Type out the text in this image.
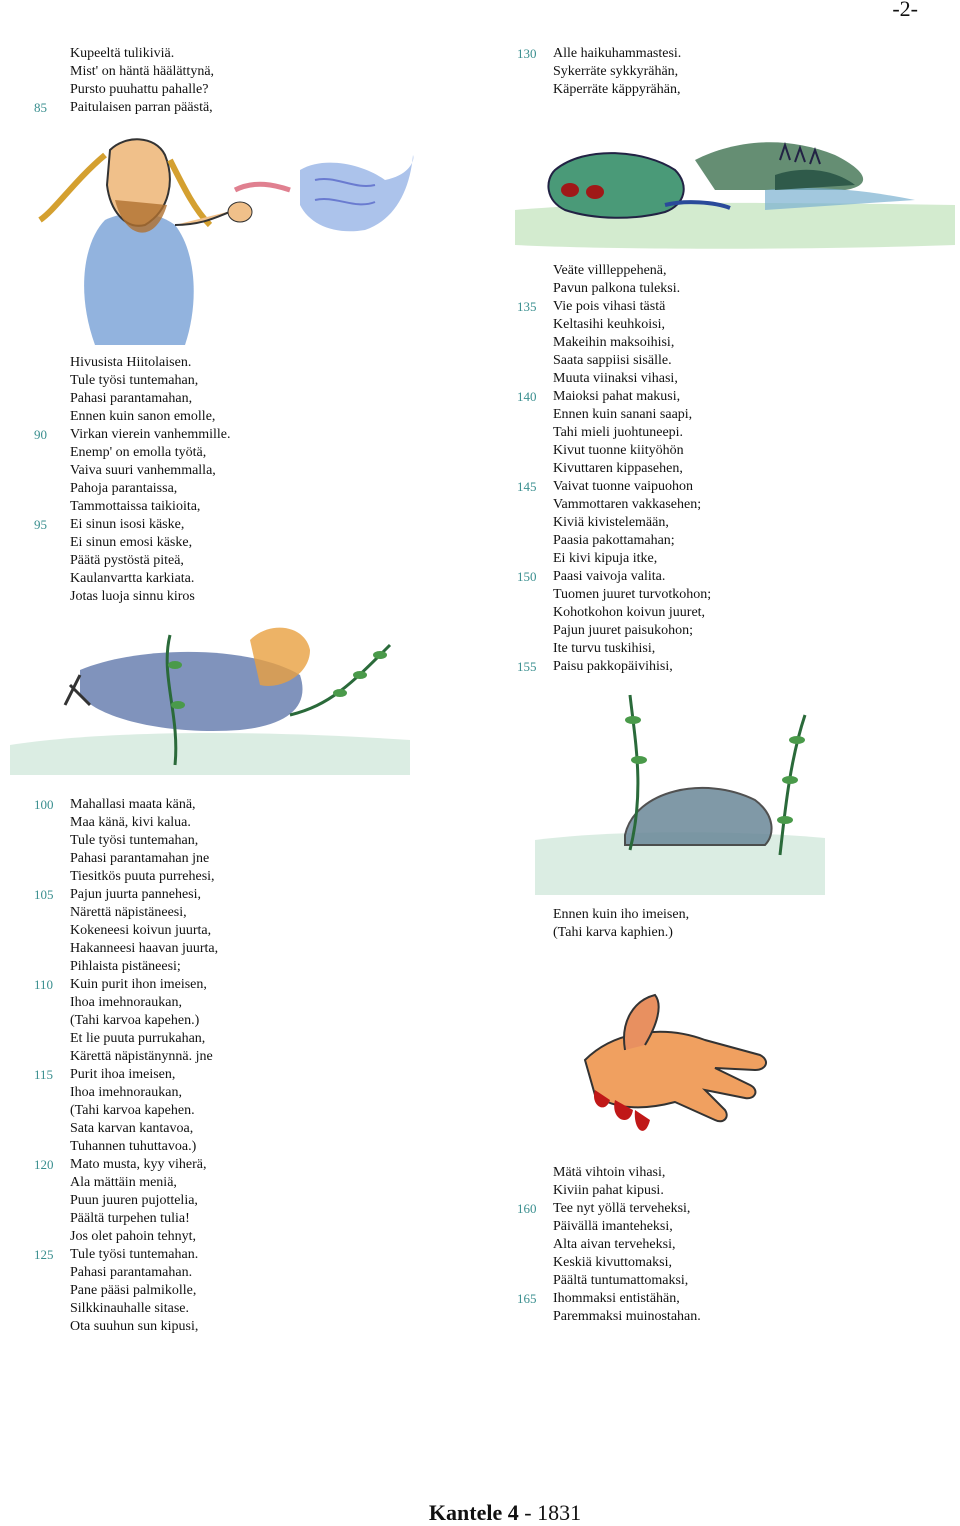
-2-
Kupeeltä tulikiviä.
Mist' on häntä häälättynä,
Pursto puuhattu pahalle?
85	Paitulaisen parran päästä,
Hivusista Hiitolaisen.
Tule työsi tuntemahan,
Pahasi parantamahan,
Ennen kuin sanon emolle,
90	Virkan vierein vanhemmille.
Enemp' on emolla työtä,
Vaiva suuri vanhemmalla,
Pahoja parantaissa,
Tammottaissa taikioita,
95	Ei sinun isosi käske,
Ei sinun emosi käske,
Päätä pystöstä piteä,
Kaulanvartta karkiata.
Jotas luoja sinnu kiros
100	Mahallasi maata känä,
Maa känä, kivi kalua.
Tule työsi tuntemahan,
Pahasi parantamahan jne
Tiesitkös puuta purrehesi,
105	Pajun juurta pannehesi,
Närettä näpistäneesi,
Kokeneesi koivun juurta,
Hakanneesi haavan juurta,
Pihlaista pistäneesi;
110	Kuin purit ihon imeisen,
Ihoa imehnoraukan,
(Tahi karvoa kapehen.)
Et lie puuta purrukahan,
Kärettä näpistänynnä. jne
115	Purit ihoa imeisen,
Ihoa imehnoraukan,
(Tahi karvoa kapehen.
Sata karvan kantavoa,
Tuhannen tuhuttavoa.)
120	Mato musta, kyy viherä,
Ala mättäin meniä,
Puun juuren pujottelia,
Päältä turpehen tulia!
Jos olet pahoin tehnyt,
125	Tule työsi tuntemahan.
Pahasi parantamahan.
Pane pääsi palmikolle,
Silkkinauhalle sitase.
Ota suuhun sun kipusi,
130	Alle haikuhammastesi.
Sykerräte sykkyrähän,
Käperräte käppyrähän,
Veäte villleppehenä,
Pavun palkona tuleksi.
135	Vie pois vihasi tästä
Keltasihi keuhkoisi,
Makeihin maksoihisi,
Saata sappiisi sisälle.
Muuta viinaksi vihasi,
140	Maioksi pahat makusi,
Ennen kuin sanani saapi,
Tahi mieli juohtuneepi.
Kivut tuonne kiityöhön
Kivuttaren kippasehen,
145	Vaivat tuonne vaipuohon
Vammottaren vakkasehen;
Kiviä kivistelemään,
Paasia pakottamahan;
Ei kivi kipuja itke,
150	Paasi vaivoja valita.
Tuomen juuret turvotkohon;
Kohotkohon koivun juuret,
Pajun juuret paisukohon;
Ite turvu tuskihisi,
155	Paisu pakkopäivihisi,
Ennen kuin iho imeisen,
(Tahi karva kaphien.)
Mätä vihtoin vihasi,
Kiviin pahat kipusi.
160	Tee nyt yöllä terveheksi,
Päivällä imanteheksi,
Alta aivan terveheksi,
Keskiä kivuttomaksi,
Päältä tuntumattomaksi,
165	Ihommaksi entistähän,
Paremmaksi muinostahan.
Kantele 4 - 1831
